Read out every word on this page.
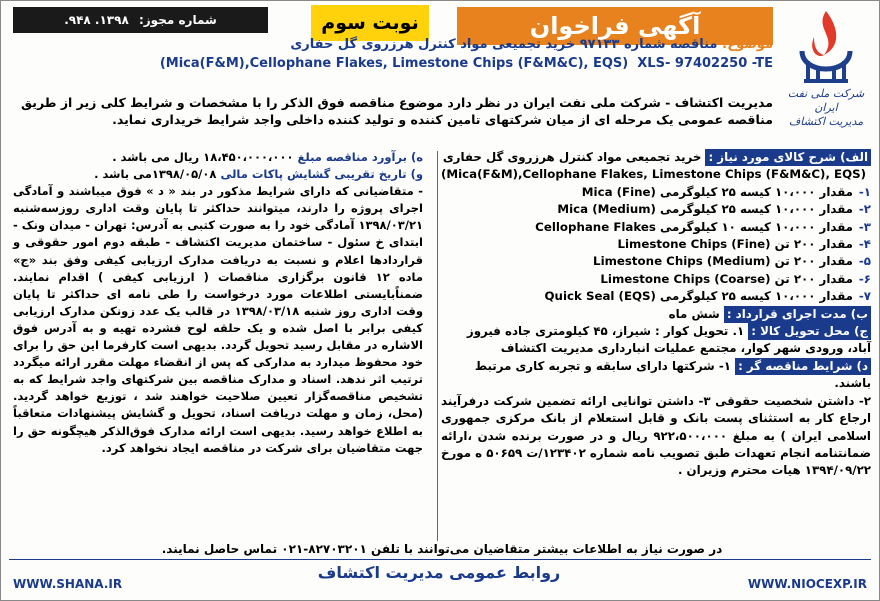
آگهی فراخوان
نوبت سوم
شماره مجوز: ۱۳۹۸. ۹۴۸.
شرکت ملی نفت ایران
مدیریت اکتشاف
موضوع: مناقصه شماره ۹۷۱۳۳ خرید تجمیعی مواد کنترل هرزروی گل حفاری
(Mica(F&M),Cellophane Flakes, Limestone Chips (F&M&C), EQS) XLS- 97402250 -TE
مدیریت اکتشاف - شرکت ملی نفت ایران در نظر دارد موضوع مناقصه فوق الذکر را با مشخصات و شرایط کلی زیر از طریق مناقصه عمومی یک مرحله ای از میان شرکتهای تامین کننده و تولید کننده داخلی واجد شرایط خریداری نماید.
الف) شرح کالای مورد نیاز : خرید تجمیعی مواد کنترل هرزروی گل حفاری
(Mica(F&M),Cellophane Flakes, Limestone Chips (F&M&C), EQS)
۱-
مقدار ۱۰،۰۰۰ کیسه ۲۵ کیلوگرمی Mica (Fine)
۲-
مقدار ۱۰،۰۰۰ کیسه ۲۵ کیلوگرمی Mica (Medium)
۳-
مقدار ۱۰،۰۰۰ کیسه ۱۰ کیلوگرمی Cellophane Flakes
۴-
مقدار ۲۰۰ تن Limestone Chips (Fine)
۵-
مقدار ۲۰۰ تن Limestone Chips (Medium)
۶-
مقدار ۲۰۰ تن Limestone Chips (Coarse)
۷-
مقدار ۱۰،۰۰۰ کیسه ۲۵ کیلوگرمی Quick Seal (EQS)
ب) مدت اجرای قرارداد : شش ماه
ج) محل تحویل کالا : ۱. تحویل کوار : شیراز، ۴۵ کیلومتری جاده فیروز آباد، ورودی شهر کوار، مجتمع عملیات انبارداری مدیریت اکتشاف
د) شرایط مناقصه گر : ۱- شرکتها دارای سابقه و تجربه کاری مرتبط باشند.
۲- داشتن شخصیت حقوقی ۳- داشتن توانایی ارائه تضمین شرکت درفرآیند ارجاع کار به استثنای پست بانک و قابل استعلام از بانک مرکزی جمهوری اسلامی ایران ) به مبلغ ۹۲۲،۵۰۰،۰۰۰ ریال و در صورت برنده شدن ،ارائه ضمانتنامه انجام تعهدات طبق تصویب نامه شماره ۱۲۳۴۰۲/ت ۵۰۶۵۹ ه مورخ ۱۳۹۴/۰۹/۲۲ هیات محترم وزیران .
ه) برآورد مناقصه مبلغ ۱۸،۴۵۰،۰۰۰،۰۰۰ ریال می باشد .
و) تاریخ تقریبی گشایش پاکات مالی ۱۳۹۸/۰۵/۰۸می باشد .
- متقاضیانی که دارای شرایط مذکور در بند « د » فوق میباشند و آمادگی اجرای پروژه را دارند، میتوانند حداکثر تا پایان وقت اداری روزسه‌شنبه ۱۳۹۸/۰۳/۲۱ آمادگی خود را به صورت کتبی به آدرس: تهران - میدان ونک - ابتدای خ سئول - ساختمان مدیریت اکتشاف - طبقه دوم امور حقوقی و قراردادها اعلام و نسبت به دریافت مدارک ارزیابی کیفی وفق بند «ج» ماده ۱۲ قانون برگزاری مناقصات ( ارزیابی کیفی ) اقدام نمایند. ضمناًبایستی اطلاعات مورد درخواست را طی نامه ای حداکثر تا پایان وقت اداری روز شنبه ۱۳۹۸/۰۳/۱۸ در قالب یک عدد زونکن مدارک ارزیابی کیفی برابر با اصل شده و یک حلقه لوح فشرده تهیه و به آدرس فوق الاشاره در مقابل رسید تحویل گردد. بدیهی است کارفرما این حق را برای خود محفوظ میدارد به مدارکی که پس از انقضاء مهلت مقرر ارائه میگردد ترتیب اثر ندهد. اسناد و مدارک مناقصه بین شرکتهای واجد شرایط که به تشخیص مناقصه‌گزار تعیین صلاحیت خواهند شد ، توزیع خواهد گردید. (محل، زمان و مهلت دریافت اسناد، تحویل و گشایش پیشنهادات متعاقباً به اطلاع خواهد رسید. بدیهی است ارائه مدارک فوق‌الذکر هیچگونه حق را جهت متقاضیان برای شرکت در مناقصه ایجاد نخواهد کرد.
در صورت نیاز به اطلاعات بیشتر متقاضیان می‌توانند با تلفن ۸۲۷۰۳۲۰۱-۰۲۱ تماس حاصل نمایند.
روابط عمومی مدیریت اکتشاف
WWW.SHANA.IR	WWW.NIOCEXP.IR
